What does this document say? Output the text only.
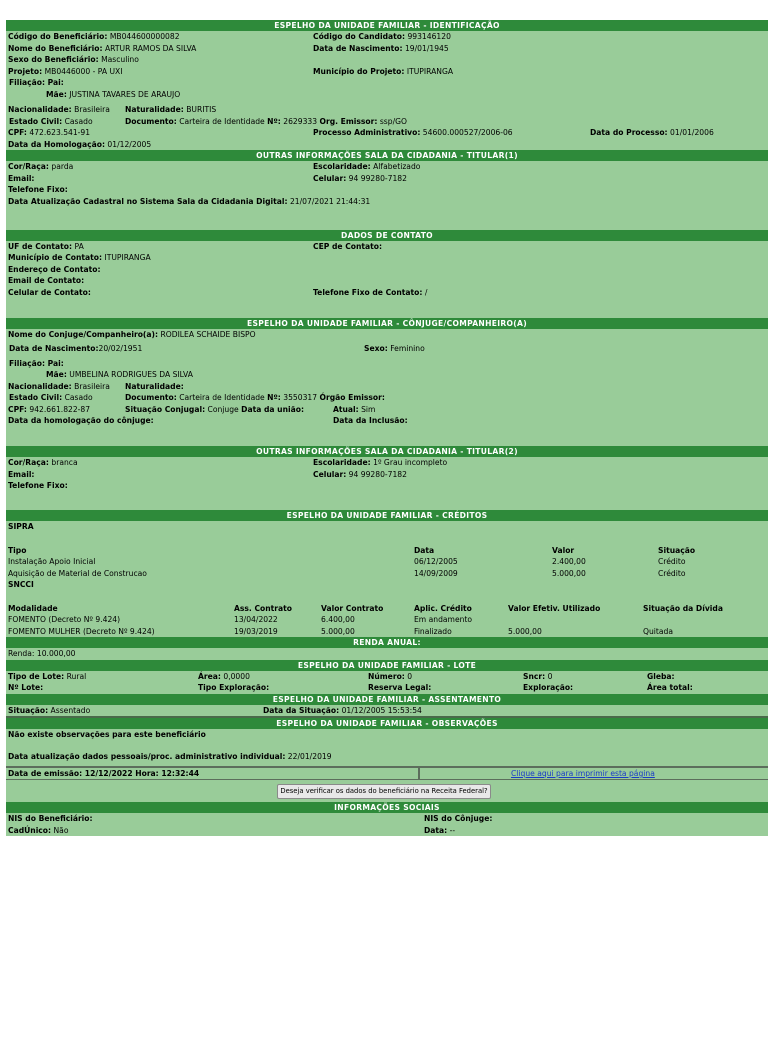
ESPELHO DA UNIDADE FAMILIAR - IDENTIFICAÇÃO
Código do Beneficiário: MB044600000082	Código do Candidato: 993146120
Nome do Beneficiário: ARTUR RAMOS DA SILVA	Data de Nascimento: 19/01/1945
Sexo do Beneficiário: Masculino
Projeto: MB0446000 - PA UXI	Município do Projeto: ITUPIRANGA
Filiação: Pai:
Mãe: JUSTINA TAVARES DE ARAUJO
Nacionalidade: Brasileira Naturalidade: BURITIS
Estado Civil: Casado	Documento: Carteira de Identidade Nº: 2629333 Org. Emissor: ssp/GO
CPF: 472.623.541-91	Processo Administrativo: 54600.000527/2006-06	Data do Processo: 01/01/2006
Data da Homologação: 01/12/2005
OUTRAS INFORMAÇÕES SALA DA CIDADANIA - TITULAR(1)
Cor/Raça: parda	Escolaridade: Alfabetizado
Email:	Celular: 94 99280-7182
Telefone Fixo:
Data Atualização Cadastral no Sistema Sala da Cidadania Digital: 21/07/2021 21:44:31
DADOS DE CONTATO
UF de Contato: PA	CEP de Contato:
Município de Contato: ITUPIRANGA
Endereço de Contato:
Email de Contato:
Celular de Contato:	Telefone Fixo de Contato: /
ESPELHO DA UNIDADE FAMILIAR - CÔNJUGE/COMPANHEIRO(A)
Nome do Conjuge/Companheiro(a): RODILEA SCHAIDE BISPO
Data de Nascimento:20/02/1951	Sexo: Feminino
Filiação: Pai:
Mãe: UMBELINA RODRIGUES DA SILVA
Nacionalidade: Brasileira Naturalidade:
Estado Civil: Casado	Documento: Carteira de Identidade Nº: 3550317 Órgão Emissor:
CPF: 942.661.822-87	Situação Conjugal: Conjuge Data da união:	Atual: Sim
Data da homologação do cônjuge:	Data da Inclusão:
OUTRAS INFORMAÇÕES SALA DA CIDADANIA - TITULAR(2)
Cor/Raça: branca	Escolaridade: 1º Grau incompleto
Email:	Celular: 94 99280-7182
Telefone Fixo:
ESPELHO DA UNIDADE FAMILIAR - CRÉDITOS
SIPRA
Tipo	Data	Valor	Situação
Instalação Apoio Inicial	06/12/2005	2.400,00	Crédito
Aquisição de Material de Construcao	14/09/2009	5.000,00	Crédito
SNCCI
Modalidade	Ass. Contrato	Valor Contrato	Aplic. Crédito	Valor Efetiv. Utilizado	Situação da Dívida
FOMENTO (Decreto Nº 9.424)	13/04/2022	6.400,00	Em andamento
FOMENTO MULHER (Decreto Nº 9.424)	19/03/2019	5.000,00	Finalizado	5.000,00	Quitada
RENDA ANUAL:
Renda: 10.000,00
ESPELHO DA UNIDADE FAMILIAR - LOTE
Tipo de Lote: Rural	Área: 0,0000	Número: 0	Sncr: 0	Gleba:
Nº Lote:	Tipo Exploração:	Reserva Legal:	Exploração:	Área total:
ESPELHO DA UNIDADE FAMILIAR - ASSENTAMENTO
Situação: Assentado	Data da Situação: 01/12/2005 15:53:54
ESPELHO DA UNIDADE FAMILIAR - OBSERVAÇÕES
Não existe observações para este beneficiário
Data atualização dados pessoais/proc. administrativo individual: 22/01/2019
Data de emissão: 12/12/2022 Hora: 12:32:44	Clique aqui para imprimir esta página
Deseja verificar os dados do beneficiário na Receita Federal?
INFORMAÇÕES SOCIAIS
NIS do Beneficiário:	NIS do Cônjuge:
CadÚnico: Não	Data: --
